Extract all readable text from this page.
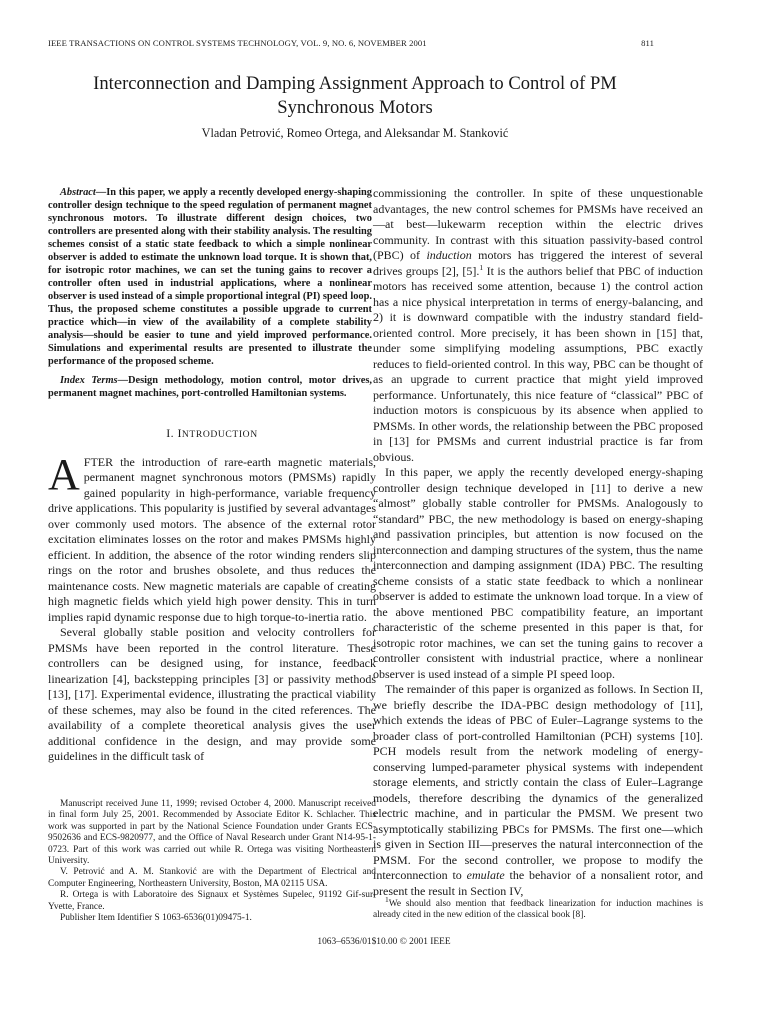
IEEE TRANSACTIONS ON CONTROL SYSTEMS TECHNOLOGY, VOL. 9, NO. 6, NOVEMBER 2001	811
Interconnection and Damping Assignment Approach to Control of PM Synchronous Motors
Vladan Petrović, Romeo Ortega, and Aleksandar M. Stanković

Abstract—In this paper, we apply a recently developed energy-shaping controller design technique to the speed regulation of permanent magnet synchronous motors. To illustrate different design choices, two controllers are presented along with their stability analysis. The resulting schemes consist of a static state feedback to which a simple nonlinear observer is added to estimate the unknown load torque. It is shown that, for isotropic rotor machines, we can set the tuning gains to recover a controller often used in industrial applications, where a nonlinear observer is used instead of a simple proportional integral (PI) speed loop. Thus, the proposed scheme constitutes a possible upgrade to current practice which—in view of the availability of a complete stability analysis—should be easier to tune and yield improved performance. Simulations and experimental results are presented to illustrate the performance of the proposed scheme.

Index Terms—Design methodology, motion control, motor drives, permanent magnet machines, port-controlled Hamiltonian systems.

I. INTRODUCTION

AFTER the introduction of rare-earth magnetic materials, permanent magnet synchronous motors (PMSMs) rapidly gained popularity in high-performance, variable frequency drive applications. This popularity is justified by several advantages over commonly used motors. The absence of the external rotor excitation eliminates losses on the rotor and makes PMSMs highly efficient. In addition, the absence of the rotor winding renders slip rings on the rotor and brushes obsolete, and thus reduces the maintenance costs. New magnetic materials are capable of creating high magnetic fields which yield high power density. This in turn implies rapid dynamic response due to high torque-to-inertia ratio.

Several globally stable position and velocity controllers for PMSMs have been reported in the control literature. These controllers can be designed using, for instance, feedback linearization [4], backstepping principles [3] or passivity methods [13], [17]. Experimental evidence, illustrating the practical viability of these schemes, may also be found in the cited references. The availability of a complete theoretical analysis gives the user additional confidence in the design, and may provide some guidelines in the difficult task of

Manuscript received June 11, 1999; revised October 4, 2000. Manuscript received in final form July 25, 2001. Recommended by Associate Editor K. Schlacher. This work was supported in part by the National Science Foundation under Grants ECS-9502636 and ECS-9820977, and the Office of Naval Research under Grant N14-95-1-0723. Part of this work was carried out while R. Ortega was visiting Northeastern University.

V. Petrović and A. M. Stanković are with the Department of Electrical and Computer Engineering, Northeastern University, Boston, MA 02115 USA.

R. Ortega is with Laboratoire des Signaux et Systèmes Supelec, 91192 Gif-sur-Yvette, France.

Publisher Item Identifier S 1063-6536(01)09475-1.

commissioning the controller. In spite of these unquestionable advantages, the new control schemes for PMSMs have received an—at best—lukewarm reception within the electric drives community. In contrast with this situation passivity-based control (PBC) of induction motors has triggered the interest of several drives groups [2], [5].$^1$ It is the authors belief that PBC of induction motors has received some attention, because 1) the control action has a nice physical interpretation in terms of energy-balancing, and 2) it is downward compatible with the industry standard field-oriented control. More precisely, it has been shown in [15] that, under some simplifying modeling assumptions, PBC exactly reduces to field-oriented control. In this way, PBC can be thought of as an upgrade to current practice that might yield improved performance. Unfortunately, this nice feature of “classical” PBC of induction motors is conspicuous by its absence when applied to PMSMs. In other words, the relationship between the PBC proposed in [13] for PMSMs and current industrial practice is far from obvious.

In this paper, we apply the recently developed energy-shaping controller design technique developed in [11] to derive a new “almost” globally stable controller for PMSMs. Analogously to “standard” PBC, the new methodology is based on energy-shaping and passivation principles, but attention is now focused on the interconnection and damping structures of the system, thus the name interconnection and damping assignment (IDA) PBC. The resulting scheme consists of a static state feedback to which a nonlinear observer is added to estimate the unknown load torque. In a view of the above mentioned PBC compatibility feature, an important characteristic of the scheme presented in this paper is that, for isotropic rotor machines, we can set the tuning gains to recover a controller consistent with industrial practice, where a nonlinear observer is used instead of a simple PI speed loop.

The remainder of this paper is organized as follows. In Section II, we briefly describe the IDA-PBC design methodology of [11], which extends the ideas of PBC of Euler–Lagrange systems to the broader class of port-controlled Hamiltonian (PCH) systems [10]. PCH models result from the network modeling of energy-conserving lumped-parameter physical systems with independent storage elements, and strictly contain the class of Euler–Lagrange models, therefore describing the dynamics of the generalized electric machine, and in particular the PMSM. We present two asymptotically stabilizing PBCs for PMSMs. The first one—which is given in Section III—preserves the natural interconnection of the PMSM. For the second controller, we propose to modify the interconnection to emulate the behavior of a nonsalient rotor, and present the result in Section IV,

$^1$We should also mention that feedback linearization for induction machines is already cited in the new edition of the classical book [8].

1063–6536/01$10.00 © 2001 IEEE
